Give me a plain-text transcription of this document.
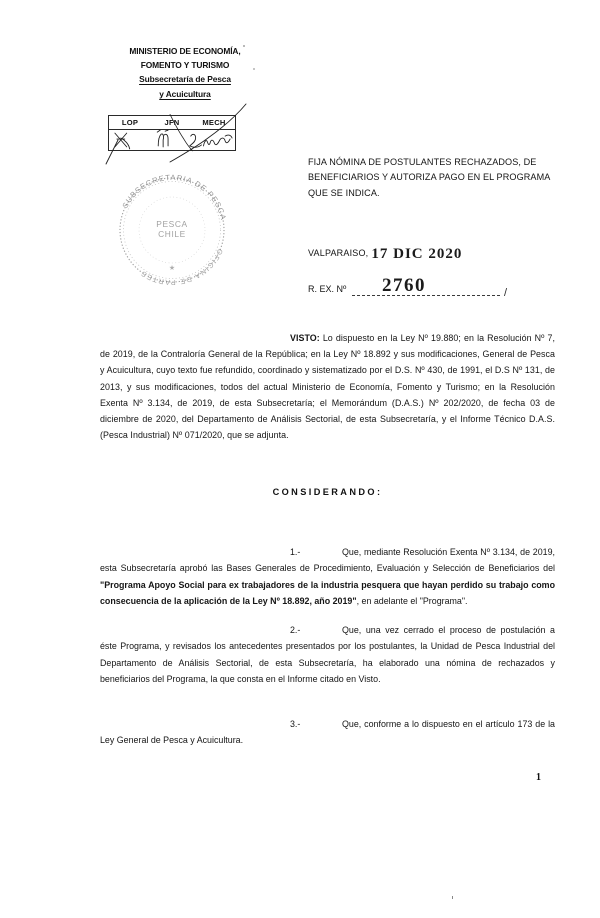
MINISTERIO DE ECONOMÍA,
FOMENTO Y TURISMO
Subsecretaría de Pesca
y Acuicultura
LOP	JFN	MECH
SUBSECRETARIA DE PESCA
OFICINA DE PARTES
PESCA
CHILE
★
FIJA NÓMINA DE POSTULANTES RECHAZADOS, DE BENEFICIARIOS Y AUTORIZA PAGO EN EL PROGRAMA QUE SE INDICA.
VALPARAISO, 17 DIC 2020
R. EX. Nº 2760	/

VISTO: Lo dispuesto en la Ley Nº 19.880; en la Resolución Nº 7, de 2019, de la Contraloría General de la República; en la Ley Nº 18.892 y sus modificaciones, General de Pesca y Acuicultura, cuyo texto fue refundido, coordinado y sistematizado por el D.S. Nº 430, de 1991, el D.S Nº 131, de 2013, y sus modificaciones, todos del actual Ministerio de Economía, Fomento y Turismo; en la Resolución Exenta Nº 3.134, de 2019, de esta Subsecretaría; el Memorándum (D.A.S.) Nº 202/2020, de fecha 03 de diciembre de 2020, del Departamento de Análisis Sectorial, de esta Subsecretaría, y el Informe Técnico D.A.S. (Pesca Industrial) Nº 071/2020, que se adjunta.

CONSIDERANDO:
1.-	Que, mediante Resolución Exenta Nº 3.134, de 2019, esta Subsecretaría aprobó las Bases Generales de Procedimiento, Evaluación y Selección de Beneficiarios del "Programa Apoyo Social para ex trabajadores de la industria pesquera que hayan perdido su trabajo como consecuencia de la aplicación de la Ley Nº 18.892, año 2019", en adelante el "Programa".
2.-	Que, una vez cerrado el proceso de postulación a éste Programa, y revisados los antecedentes presentados por los postulantes, la Unidad de Pesca Industrial del Departamento de Análisis Sectorial, de esta Subsecretaría, ha elaborado una nómina de rechazados y beneficiarios del Programa, la que consta en el Informe citado en Visto.
3.-	Que, conforme a lo dispuesto en el artículo 173 de la Ley General de Pesca y Acuicultura.
1
